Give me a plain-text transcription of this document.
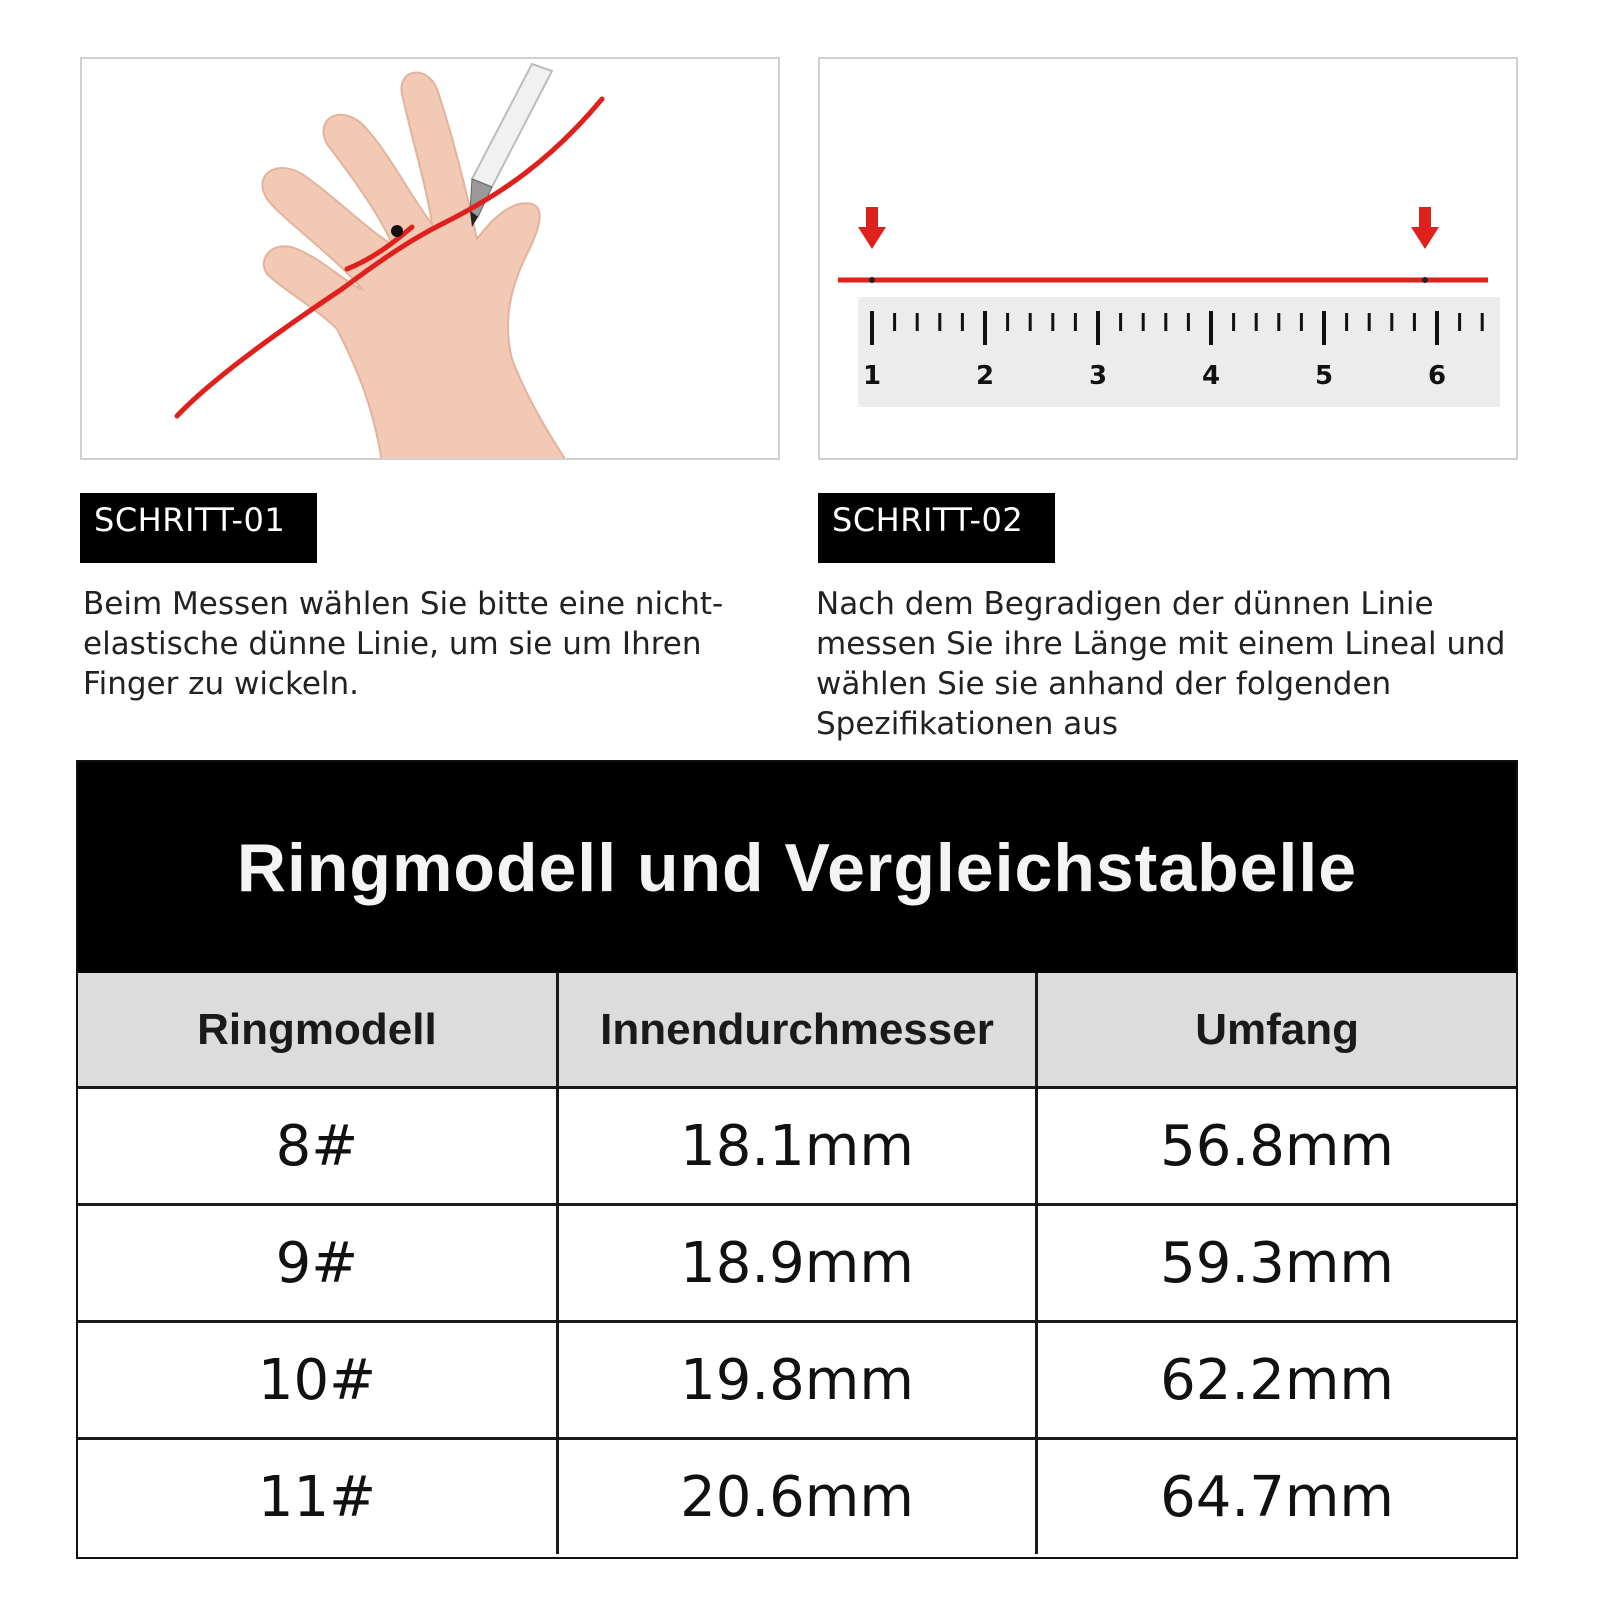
1	2	3	4	5	6
SCHRITT-01	SCHRITT-02
Beim Messen wählen Sie bitte eine nicht-elastische dünne Linie, um sie um Ihren Finger zu wickeln.
Nach dem Begradigen der dünnen Linie messen Sie ihre Länge mit einem Lineal und wählen Sie sie anhand der folgenden Spezifikationen aus
Ringmodell und Vergleichstabelle
Ringmodell	Innendurchmesser	Umfang
8#	18.1mm	56.8mm
9#	18.9mm	59.3mm
10#	19.8mm	62.2mm
11#	20.6mm	64.7mm
